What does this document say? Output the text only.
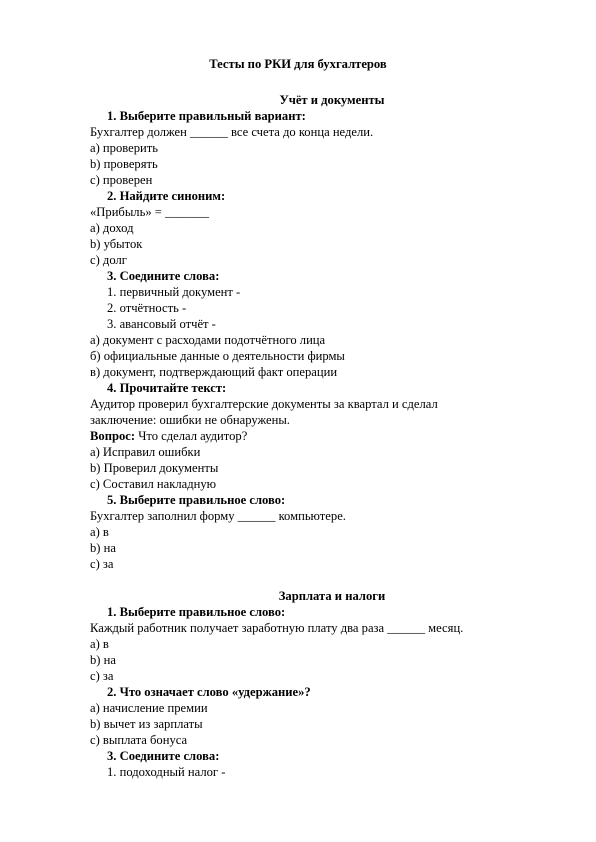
Тесты по РКИ для бухгалтеров
Учёт и документы
1. Выберите правильный вариант:
Бухгалтер должен ______ все счета до конца недели.
a) проверить
b) проверять
c) проверен
2. Найдите синоним:
«Прибыль» = _______
a) доход
b) убыток
c) долг
3. Соедините слова:
1. первичный документ -
2. отчётность -
3. авансовый отчёт -
а) документ с расходами подотчётного лица
б) официальные данные о деятельности фирмы
в) документ, подтверждающий факт операции
4. Прочитайте текст:
Аудитор проверил бухгалтерские документы за квартал и сделал
заключение: ошибки не обнаружены.
Вопрос: Что сделал аудитор?
a) Исправил ошибки
b) Проверил документы
c) Составил накладную
5. Выберите правильное слово:
Бухгалтер заполнил форму ______ компьютере.
a) в
b) на
c) за
Зарплата и налоги
1. Выберите правильное слово:
Каждый работник получает заработную плату два раза ______ месяц.
a) в
b) на
c) за
2. Что означает слово «удержание»?
a) начисление премии
b) вычет из зарплаты
c) выплата бонуса
3. Соедините слова:
1. подоходный налог -
